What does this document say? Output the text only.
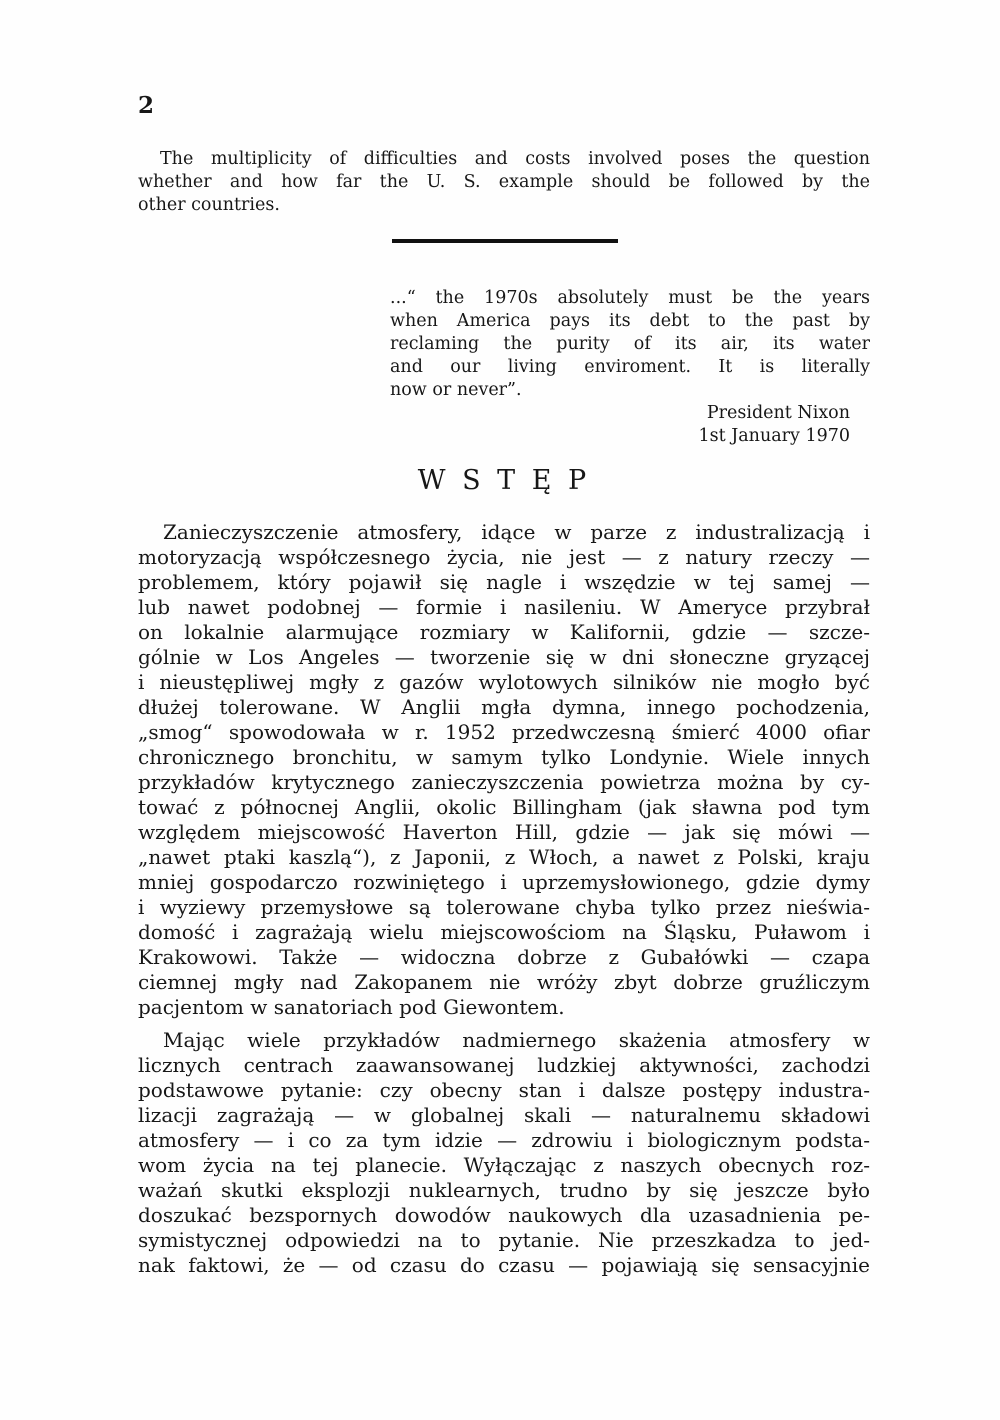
2
The multiplicity of difficulties and costs involved poses the question
whether and how far the U. S. example should be followed by the
other countries.
...“ the 1970s absolutely must be the years
when America pays its debt to the past by
reclaming the purity of its air, its water
and our living enviroment. It is literally
now or never”.
President Nixon
1st January 1970
W S T Ę P
Zanieczyszczenie atmosfery, idące w parze z industralizacją i
motoryzacją współczesnego życia, nie jest — z natury rzeczy —
problemem, który pojawił się nagle i wszędzie w tej samej —
lub nawet podobnej — formie i nasileniu. W Ameryce przybrał
on lokalnie alarmujące rozmiary w Kalifornii, gdzie — szcze-
gólnie w Los Angeles — tworzenie się w dni słoneczne gryzącej
i nieustępliwej mgły z gazów wylotowych silników nie mogło być
dłużej tolerowane. W Anglii mgła dymna, innego pochodzenia,
„smog“ spowodowała w r. 1952 przedwczesną śmierć 4000 ofiar
chronicznego bronchitu, w samym tylko Londynie. Wiele innych
przykładów krytycznego zanieczyszczenia powietrza można by cy-
tować z północnej Anglii, okolic Billingham (jak sławna pod tym
względem miejscowość Haverton Hill, gdzie — jak się mówi —
„nawet ptaki kaszlą“), z Japonii, z Włoch, a nawet z Polski, kraju
mniej gospodarczo rozwiniętego i uprzemysłowionego, gdzie dymy
i wyziewy przemysłowe są tolerowane chyba tylko przez nieświa-
domość i zagrażają wielu miejscowościom na Śląsku, Puławom i
Krakowowi. Także — widoczna dobrze z Gubałówki — czapa
ciemnej mgły nad Zakopanem nie wróży zbyt dobrze gruźliczym
pacjentom w sanatoriach pod Giewontem.
Mając wiele przykładów nadmiernego skażenia atmosfery w
licznych centrach zaawansowanej ludzkiej aktywności, zachodzi
podstawowe pytanie: czy obecny stan i dalsze postępy industra-
lizacji zagrażają — w globalnej skali — naturalnemu składowi
atmosfery — i co za tym idzie — zdrowiu i biologicznym podsta-
wom życia na tej planecie. Wyłączając z naszych obecnych roz-
ważań skutki eksplozji nuklearnych, trudno by się jeszcze było
doszukać bezspornych dowodów naukowych dla uzasadnienia pe-
symistycznej odpowiedzi na to pytanie. Nie przeszkadza to jed-
nak faktowi, że — od czasu do czasu — pojawiają się sensacyjnie
